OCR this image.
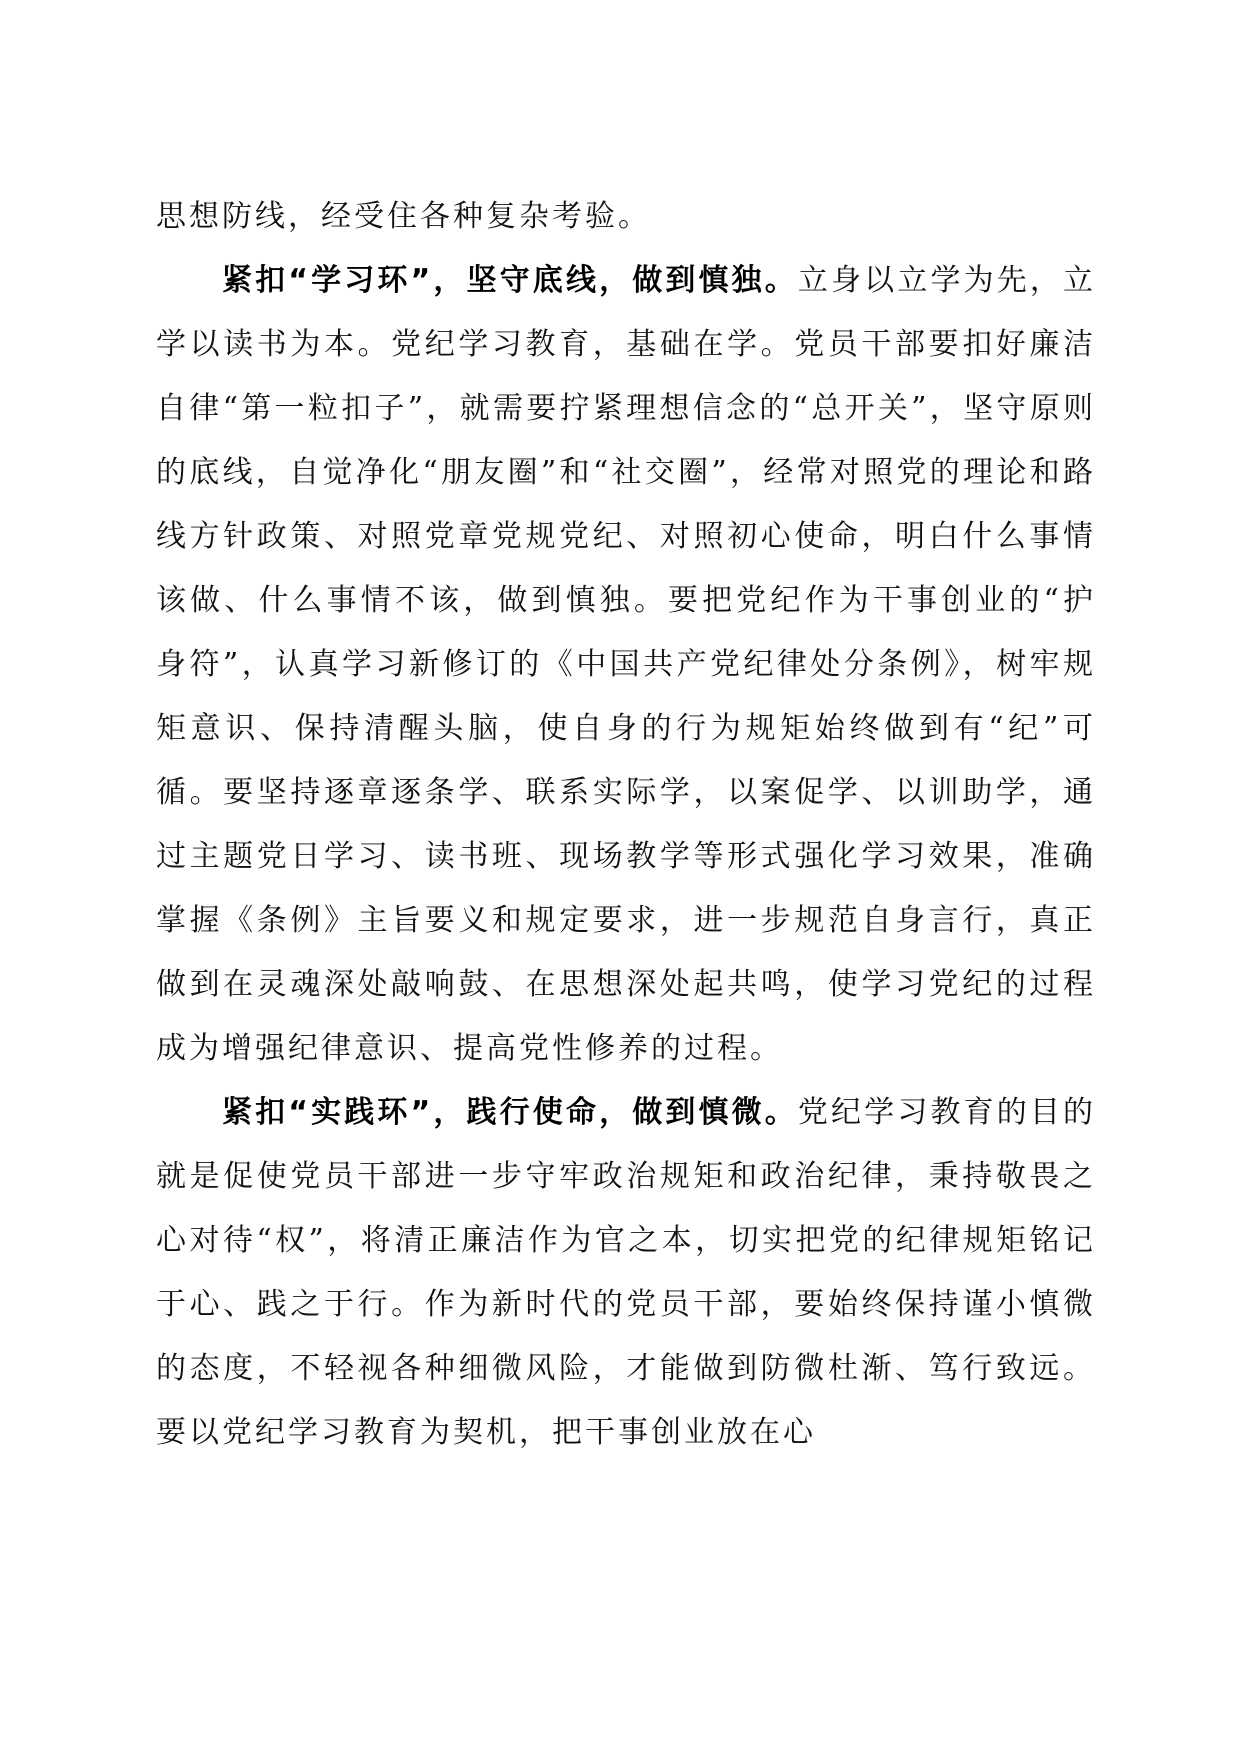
思想防线，经受住各种复杂考验。

紧扣“学习环”，坚守底线，做到慎独。立身以立学为先，立学以读书为本。党纪学习教育，基础在学。党员干部要扣好廉洁自律“第一粒扣子”，就需要拧紧理想信念的“总开关”，坚守原则的底线，自觉净化“朋友圈”和“社交圈”，经常对照党的理论和路线方针政策、对照党章党规党纪、对照初心使命，明白什么事情该做、什么事情不该，做到慎独。要把党纪作为干事创业的“护身符”，认真学习新修订的《中国共产党纪律处分条例》，树牢规矩意识、保持清醒头脑，使自身的行为规矩始终做到有“纪”可循。要坚持逐章逐条学、联系实际学，以案促学、以训助学，通过主题党日学习、读书班、现场教学等形式强化学习效果，准确掌握《条例》主旨要义和规定要求，进一步规范自身言行，真正做到在灵魂深处敲响鼓、在思想深处起共鸣，使学习党纪的过程成为增强纪律意识、提高党性修养的过程。

紧扣“实践环”，践行使命，做到慎微。党纪学习教育的目的就是促使党员干部进一步守牢政治规矩和政治纪律，秉持敬畏之心对待“权”，将清正廉洁作为官之本，切实把党的纪律规矩铭记于心、践之于行。作为新时代的党员干部，要始终保持谨小慎微的态度，不轻视各种细微风险，才能做到防微杜渐、笃行致远。要以党纪学习教育为契机，把干事创业放在心
